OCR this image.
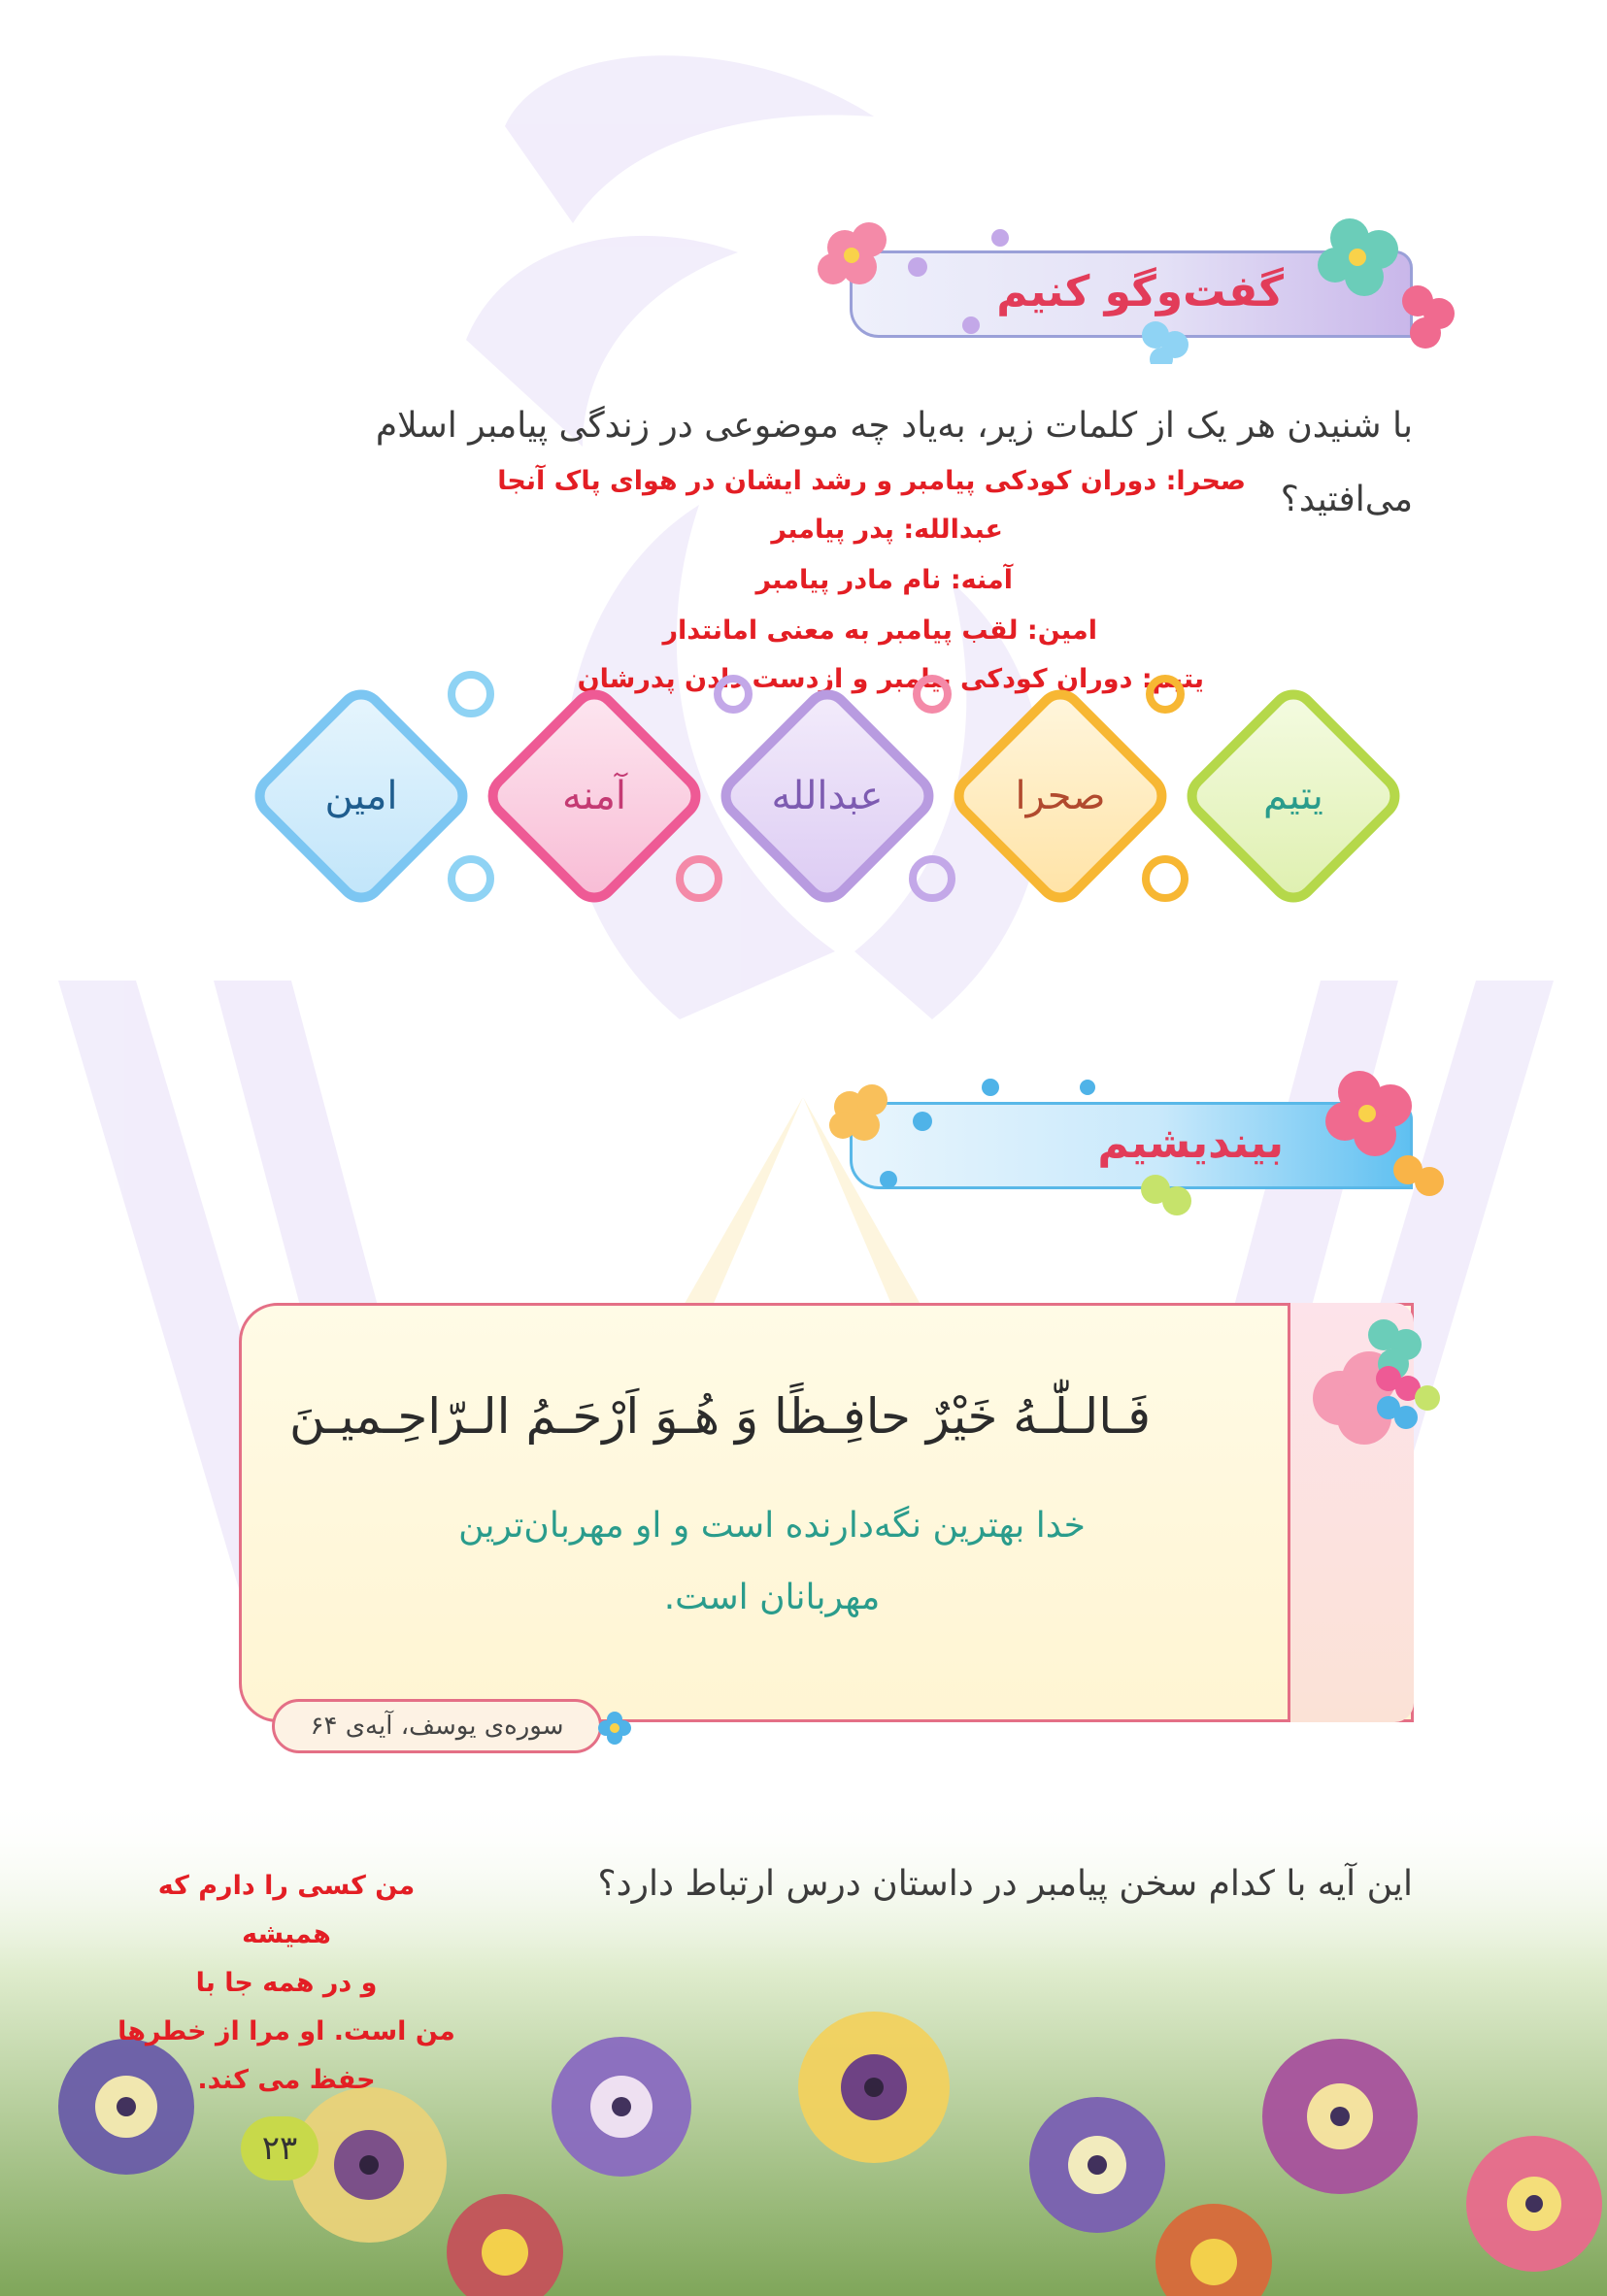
گفت‌وگو کنیم
با شنیدن هر یک از کلمات زیر، به‌یاد چه موضوعی در زندگی پیامبر اسلام
می‌افتید؟
صحرا: دوران کودکی پیامبر و رشد ایشان در هوای پاک آنجا
عبدالله: پدر پیامبر
آمنه: نام مادر پیامبر
امین: لقب پیامبر به معنی امانتدار
یتیم: دوران کودکی پیامبر و از‌دست دادن پدرشان
یتیم
صحرا
عبدالله
آمنه
امین
بیندیشیم
فَـالـلّٰـهُ خَيْرٌ حافِـظًا وَ هُـوَ اَرْحَـمُ الـرّاحِـمیـنَ
خدا بهترین نگه‌دارنده است و او مهربان‌ترین
مهربانان است.
سوره‌ی یوسف، آیه‌ی ۶۴
این آیه با کدام سخن پیامبر در داستان درس ارتباط دارد؟
من کسی را دارم که همیشه
و در همه جا با
من است. او مرا از خطرها
حفظ می کند.
۲۳
